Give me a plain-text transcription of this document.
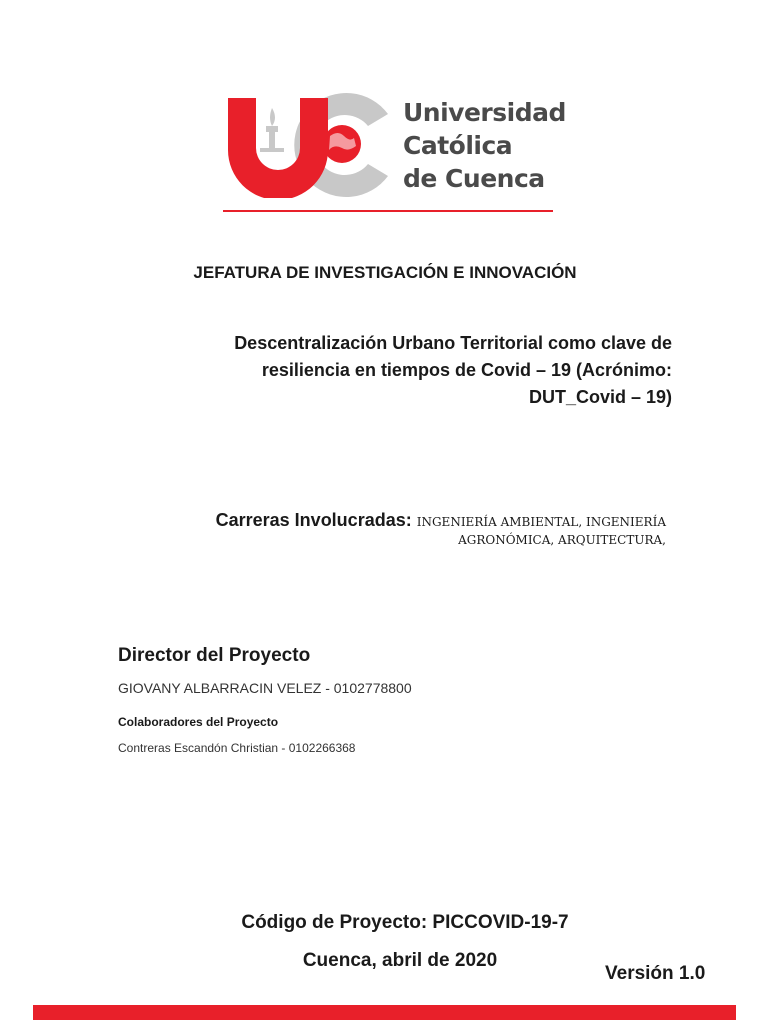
Universidad
Católica
de Cuenca
JEFATURA DE INVESTIGACIÓN E INNOVACIÓN
Descentralización Urbano Territorial como clave de
resiliencia en tiempos de Covid – 19 (Acrónimo:
DUT_Covid – 19)
Carreras Involucradas: INGENIERÍA AMBIENTAL, INGENIERÍA
AGRONÓMICA, ARQUITECTURA,
Director del Proyecto
GIOVANY ALBARRACIN VELEZ - 0102778800
Colaboradores del Proyecto
Contreras Escandón Christian - 0102266368
Código de Proyecto: PICCOVID-19-7
Cuenca, abril de 2020
Versión 1.0
